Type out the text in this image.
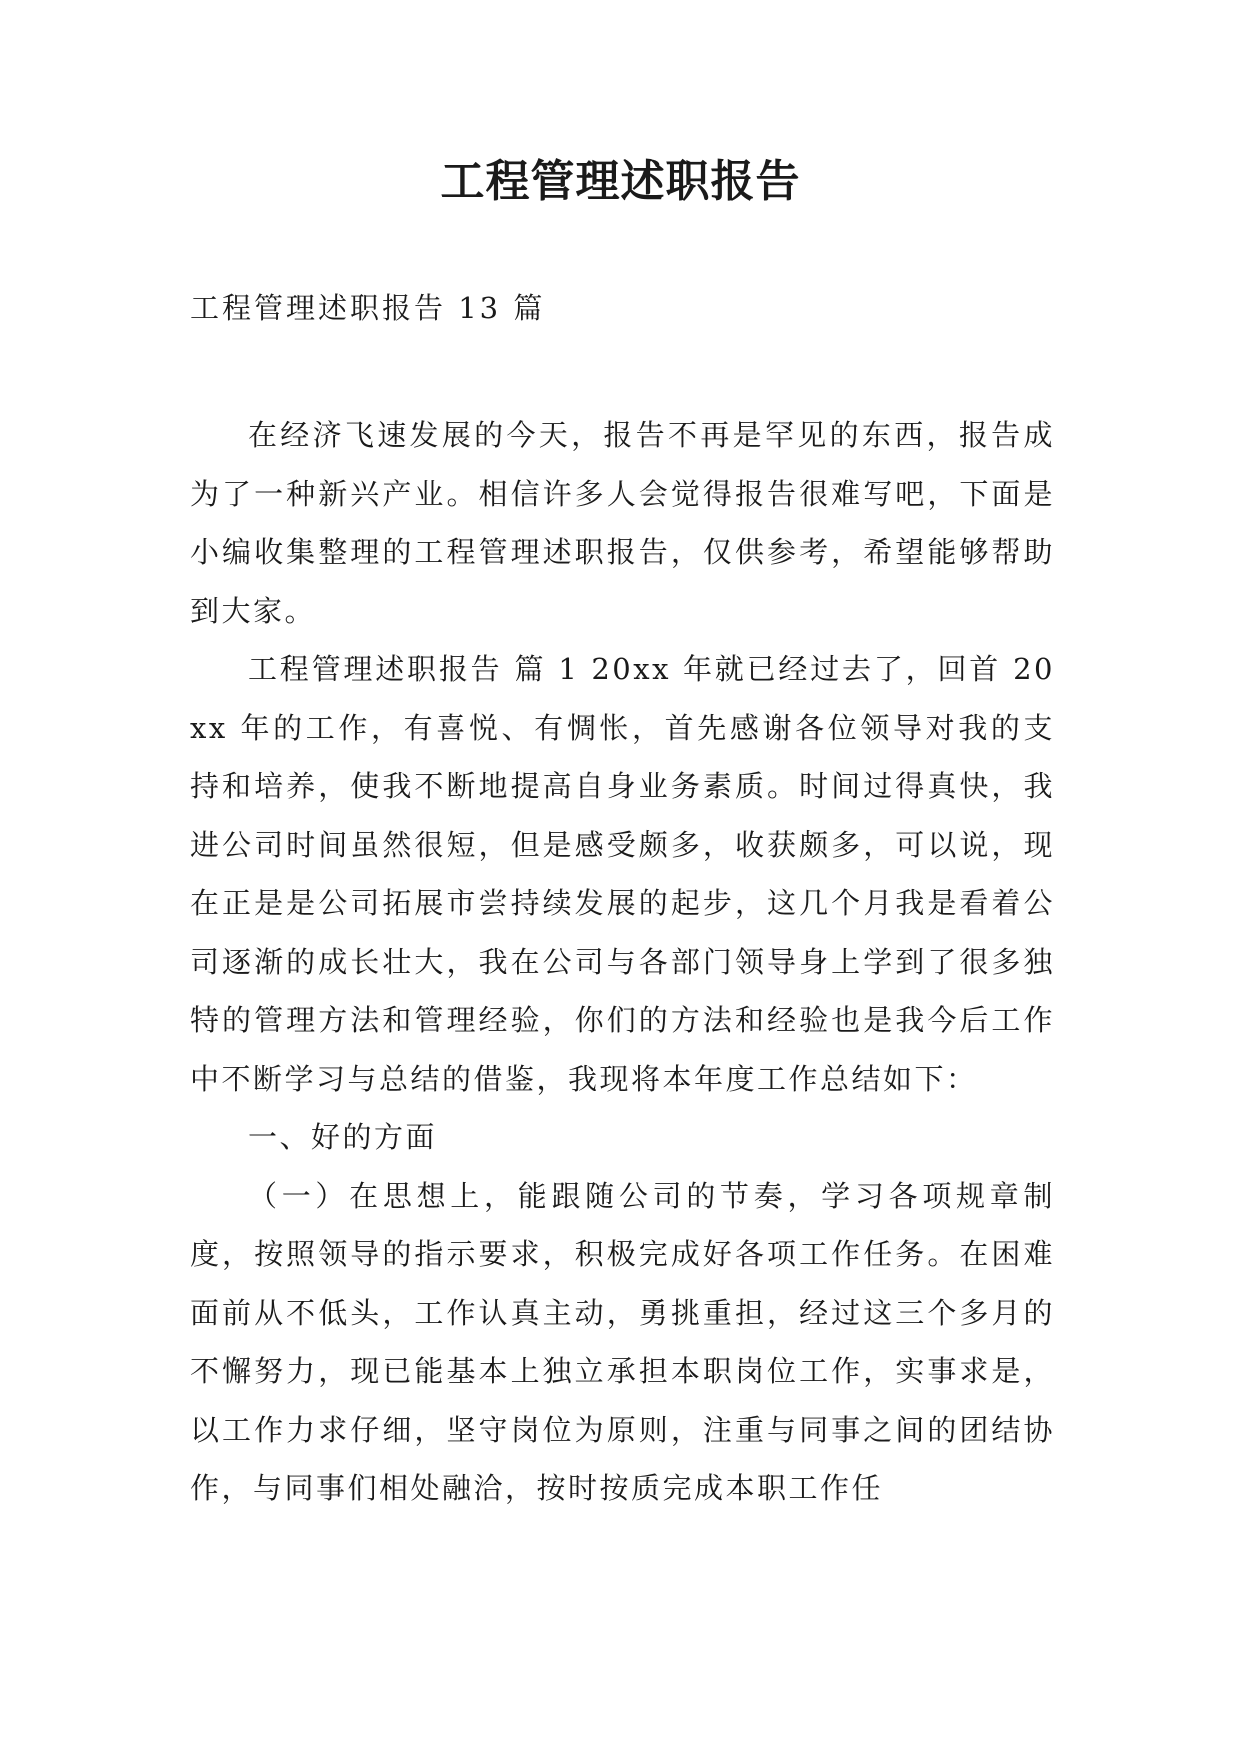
工程管理述职报告

工程管理述职报告 13 篇

在经济飞速发展的今天，报告不再是罕见的东西，报告成为了一种新兴产业。相信许多人会觉得报告很难写吧，下面是小编收集整理的工程管理述职报告，仅供参考，希望能够帮助到大家。

工程管理述职报告 篇 1 20xx 年就已经过去了，回首 20xx 年的工作，有喜悦、有惆怅，首先感谢各位领导对我的支持和培养，使我不断地提高自身业务素质。时间过得真快，我进公司时间虽然很短，但是感受颇多，收获颇多，可以说，现在正是是公司拓展市尝持续发展的起步，这几个月我是看着公司逐渐的成长壮大，我在公司与各部门领导身上学到了很多独特的管理方法和管理经验，你们的方法和经验也是我今后工作中不断学习与总结的借鉴，我现将本年度工作总结如下：

一、好的方面

（一）在思想上，能跟随公司的节奏，学习各项规章制度，按照领导的指示要求，积极完成好各项工作任务。在困难面前从不低头，工作认真主动，勇挑重担，经过这三个多月的不懈努力，现已能基本上独立承担本职岗位工作，实事求是，以工作力求仔细，坚守岗位为原则，注重与同事之间的团结协作，与同事们相处融洽，按时按质完成本职工作任
